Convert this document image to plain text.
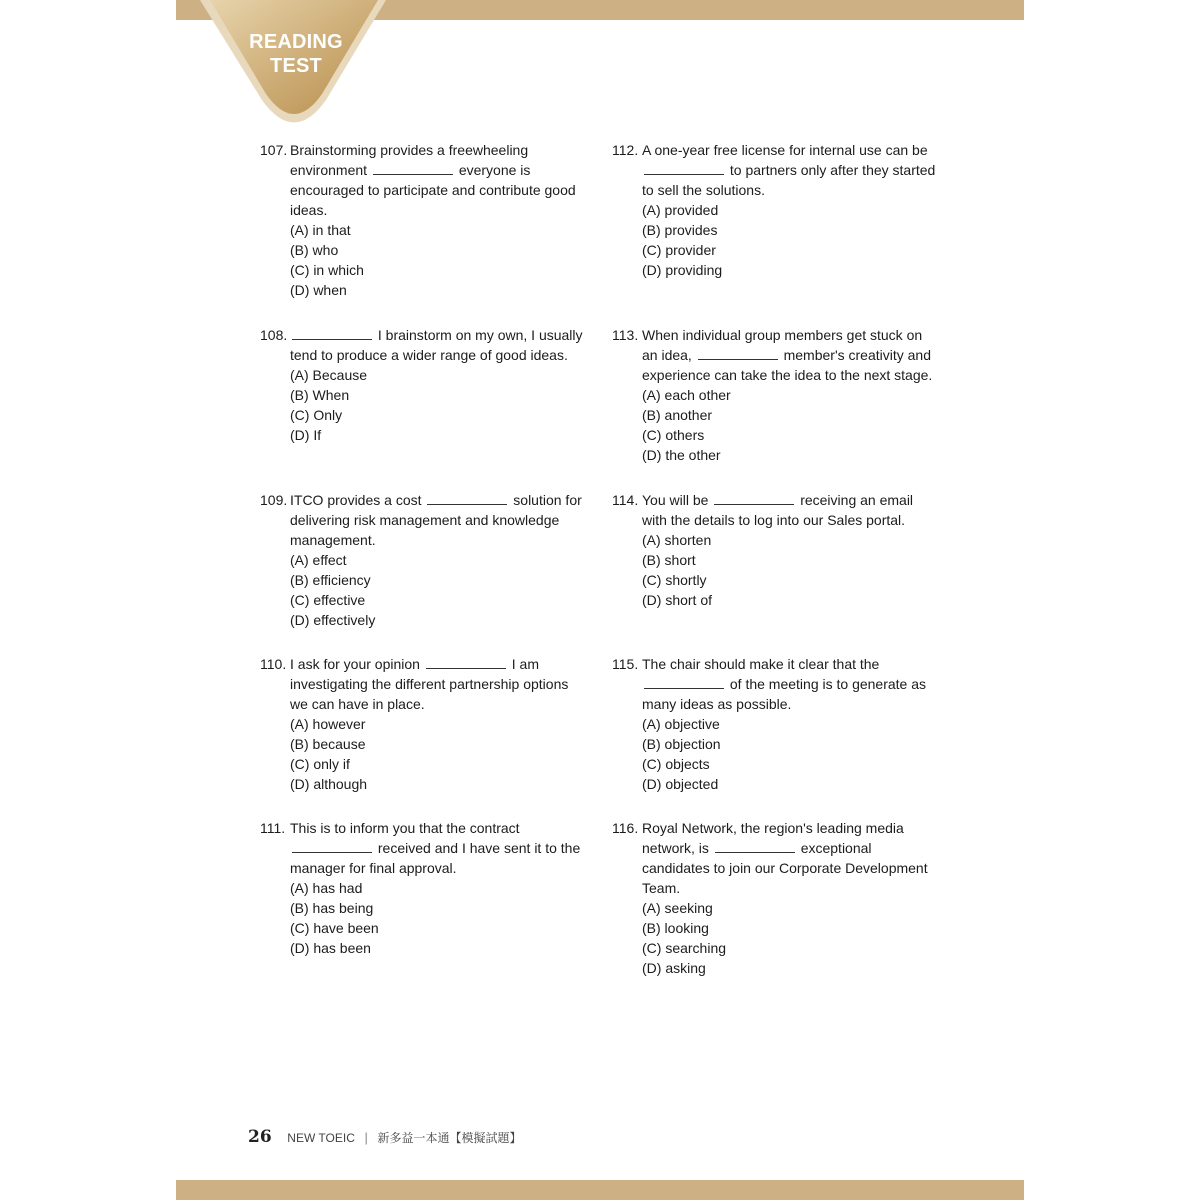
READING
TEST
107. Brainstorming provides a freewheeling
environment	everyone is
encouraged to participate and contribute good
ideas.
(A) in that
(B) who
(C) in which
(D) when
108.	I brainstorm on my own, I usually
tend to produce a wider range of good ideas.
(A) Because
(B) When
(C) Only
(D) If
109. ITCO provides a cost	solution for
delivering risk management and knowledge
management.
(A) effect
(B) efficiency
(C) effective
(D) effectively
110. I ask for your opinion	I am
investigating the different partnership options
we can have in place.
(A) however
(B) because
(C) only if
(D) although
111. This is to inform you that the contract
received and I have sent it to the
manager for final approval.
(A) has had
(B) has being
(C) have been
(D) has been
112. A one-year free license for internal use can be
to partners only after they started
to sell the solutions.
(A) provided
(B) provides
(C) provider
(D) providing
113. When individual group members get stuck on
an idea,	member's creativity and
experience can take the idea to the next stage.
(A) each other
(B) another
(C) others
(D) the other
114. You will be	receiving an email
with the details to log into our Sales portal.
(A) shorten
(B) short
(C) shortly
(D) short of
115. The chair should make it clear that the
of the meeting is to generate as
many ideas as possible.
(A) objective
(B) objection
(C) objects
(D) objected
116. Royal Network, the region's leading media
network, is	exceptional
candidates to join our Corporate Development
Team.
(A) seeking
(B) looking
(C) searching
(D) asking
26 NEW TOEIC | 新多益一本通【模擬試題】
